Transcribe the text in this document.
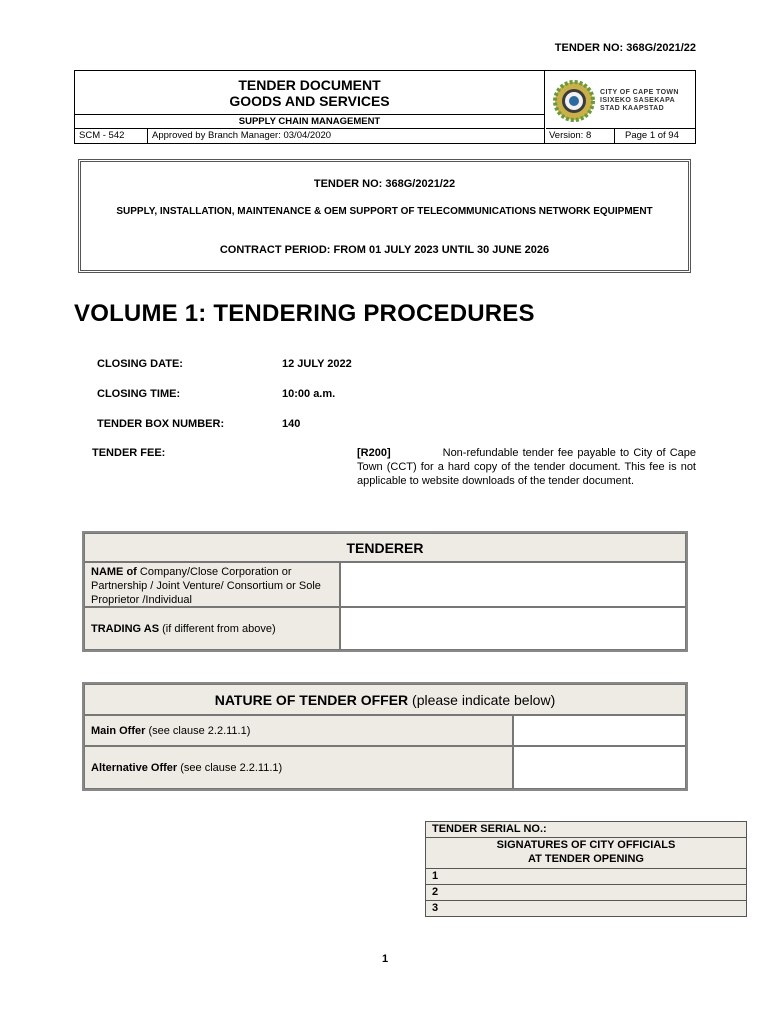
TENDER NO: 368G/2021/22
TENDER DOCUMENT
GOODS AND SERVICES
SUPPLY CHAIN MANAGEMENT
CITY OF CAPE TOWN
ISIXEKO SASEKAPA
STAD KAAPSTAD
SCM - 542	Approved by Branch Manager: 03/04/2020	Version: 8	Page 1 of 94
TENDER NO: 368G/2021/22
SUPPLY, INSTALLATION, MAINTENANCE & OEM SUPPORT OF TELECOMMUNICATIONS NETWORK EQUIPMENT
CONTRACT PERIOD: FROM 01 JULY 2023 UNTIL 30 JUNE 2026
VOLUME 1: TENDERING PROCEDURES
CLOSING DATE:	12 JULY 2022
CLOSING TIME:	10:00 a.m.
TENDER BOX NUMBER:	140
TENDER FEE:	[R200]	Non-refundable tender fee payable to City of Cape Town (CCT) for a hard copy of the tender document. This fee is not applicable to website downloads of the tender document.
TENDERER
NAME of Company/Close Corporation or Partnership / Joint Venture/ Consortium or Sole Proprietor /Individual
TRADING AS (if different from above)
NATURE OF TENDER OFFER (please indicate below)
Main Offer (see clause 2.2.11.1)
Alternative Offer (see clause 2.2.11.1)
TENDER SERIAL NO.:
SIGNATURES OF CITY OFFICIALS
AT TENDER OPENING
1
2
3
1
